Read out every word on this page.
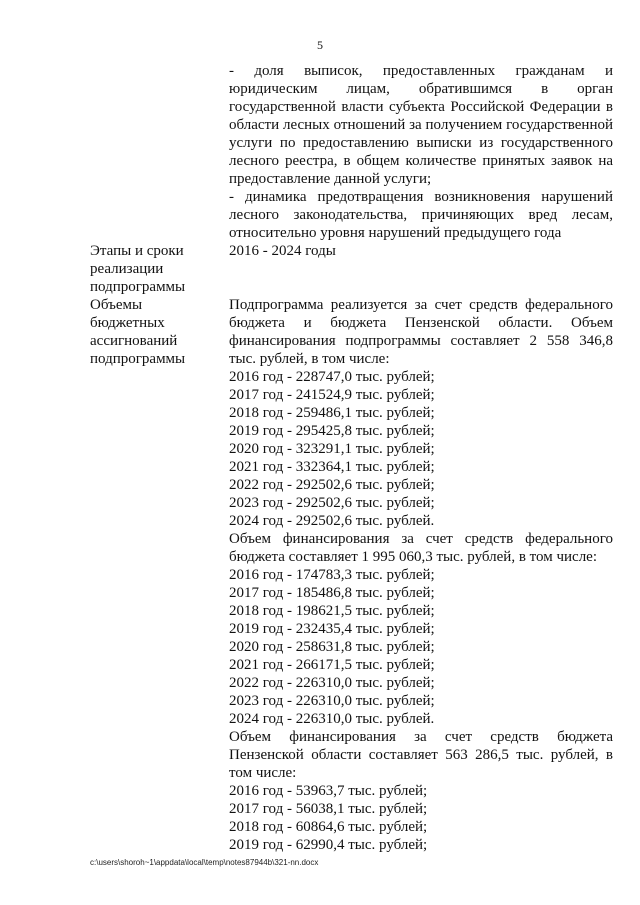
5

- доля выписок, предоставленных гражданам и юридическим лицам, обратившимся в орган государственной власти субъекта Российской Федерации в области лесных отношений за получением государственной услуги по предоставлению выписки из государственного лесного реестра, в общем количестве принятых заявок на предоставление данной услуги;

- динамика предотвращения возникновения нарушений лесного законодательства, причиняющих вред лесам, относительно уровня нарушений предыдущего года

Этапы и сроки
реализации
подпрограммы
2016 - 2024 годы
Объемы
бюджетных
ассигнований
подпрограммы

Подпрограмма реализуется за счет средств федерального бюджета и бюджета Пензенской области. Объем финансирования подпрограммы составляет 2 558 346,8 тыс. рублей, в том числе:

2016 год - 228747,0 тыс. рублей;

2017 год - 241524,9 тыс. рублей;

2018 год - 259486,1 тыс. рублей;

2019 год - 295425,8 тыс. рублей;

2020 год - 323291,1 тыс. рублей;

2021 год - 332364,1 тыс. рублей;

2022 год - 292502,6 тыс. рублей;

2023 год - 292502,6 тыс. рублей;

2024 год - 292502,6 тыс. рублей.

Объем финансирования за счет средств федерального бюджета составляет 1 995 060,3 тыс. рублей, в том числе:

2016 год - 174783,3 тыс. рублей;

2017 год - 185486,8 тыс. рублей;

2018 год - 198621,5 тыс. рублей;

2019 год - 232435,4 тыс. рублей;

2020 год - 258631,8 тыс. рублей;

2021 год - 266171,5 тыс. рублей;

2022 год - 226310,0 тыс. рублей;

2023 год - 226310,0 тыс. рублей;

2024 год - 226310,0 тыс. рублей.

Объем финансирования за счет средств бюджета Пензенской области составляет 563 286,5 тыс. рублей, в том числе:

2016 год - 53963,7 тыс. рублей;

2017 год - 56038,1 тыс. рублей;

2018 год - 60864,6 тыс. рублей;

2019 год - 62990,4 тыс. рублей;

c:\users\shoroh~1\appdata\local\temp\notes87944b\321-nn.docx
